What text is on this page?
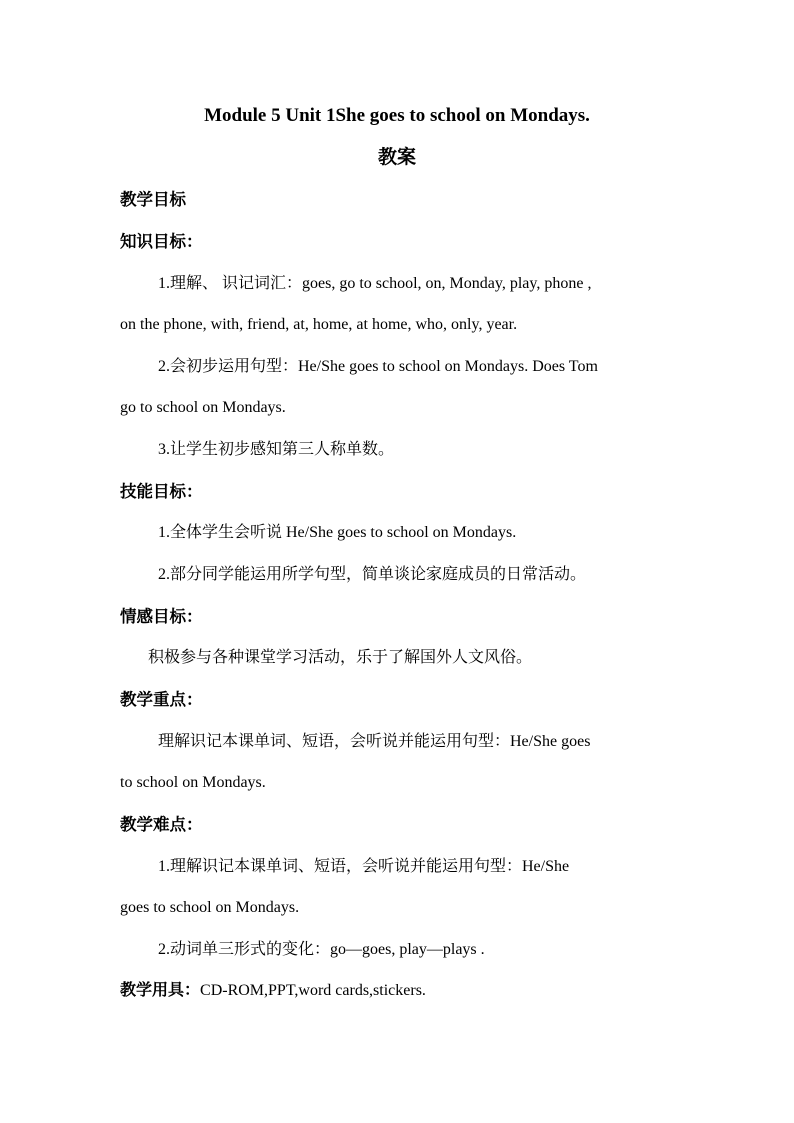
Module 5 Unit 1She goes to school on Mondays.
教案
教学目标
知识目标：
1.理解、 识记词汇：goes, go to school, on, Monday, play, phone ,
on the phone, with, friend, at, home, at home, who, only, year.
2.会初步运用句型：He/She goes to school on Mondays. Does Tom
go to school on Mondays.
3.让学生初步感知第三人称单数。
技能目标：
1.全体学生会听说 He/She goes to school on Mondays.
2.部分同学能运用所学句型，简单谈论家庭成员的日常活动。
情感目标：
积极参与各种课堂学习活动，乐于了解国外人文风俗。
教学重点：
理解识记本课单词、短语，会听说并能运用句型：He/She goes
to school on Mondays.
教学难点：
1.理解识记本课单词、短语，会听说并能运用句型：He/She
goes to school on Mondays.
2.动词单三形式的变化：go—goes, play—plays .
教学用具：CD-ROM,PPT,word cards,stickers.
